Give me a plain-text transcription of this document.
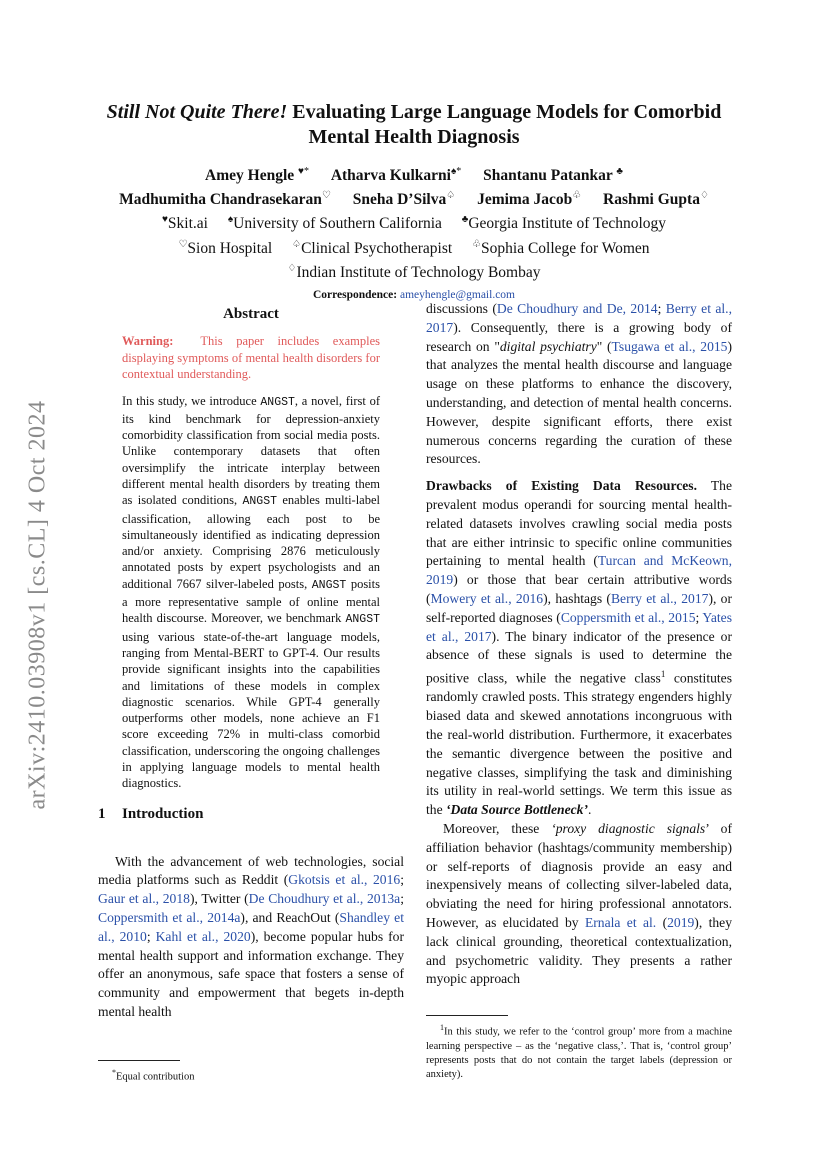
arXiv:2410.03908v1 [cs.CL] 4 Oct 2024
Still Not Quite There! Evaluating Large Language Models for Comorbid Mental Health Diagnosis
Amey Hengle ♥* Atharva Kulkarni♠* Shantanu Patankar ♣
Madhumitha Chandrasekaran♡ Sneha D’Silva♤ Jemima Jacob♧ Rashmi Gupta♢
♥Skit.ai ♠University of Southern California ♣Georgia Institute of Technology
♡Sion Hospital ♤Clinical Psychotherapist ♧Sophia College for Women
♢Indian Institute of Technology Bombay
Correspondence: ameyhengle@gmail.com
Abstract
Warning: This paper includes examples displaying symptoms of mental health disorders for contextual understanding.
In this study, we introduce ANGST, a novel, first of its kind benchmark for depression-anxiety comorbidity classification from social media posts. Unlike contemporary datasets that often oversimplify the intricate interplay between different mental health disorders by treating them as isolated conditions, ANGST enables multi-label classification, allowing each post to be simultaneously identified as indicating depression and/or anxiety. Comprising 2876 meticulously annotated posts by expert psychologists and an additional 7667 silver-labeled posts, ANGST posits a more representative sample of online mental health discourse. Moreover, we benchmark ANGST using various state-of-the-art language models, ranging from Mental-BERT to GPT-4. Our results provide significant insights into the capabilities and limitations of these models in complex diagnostic scenarios. While GPT-4 generally outperforms other models, none achieve an F1 score exceeding 72% in multi-class comorbid classification, underscoring the ongoing challenges in applying language models to mental health diagnostics.
1 Introduction

With the advancement of web technologies, social media platforms such as Reddit (Gkotsis et al., 2016; Gaur et al., 2018), Twitter (De Choudhury et al., 2013a; Coppersmith et al., 2014a), and ReachOut (Shandley et al., 2010; Kahl et al., 2020), become popular hubs for mental health support and information exchange. They offer an anonymous, safe space that fosters a sense of community and empowerment that begets in-depth mental health

discussions (De Choudhury and De, 2014; Berry et al., 2017). Consequently, there is a growing body of research on "digital psychiatry" (Tsugawa et al., 2015) that analyzes the mental health discourse and language usage on these platforms to enhance the discovery, understanding, and detection of mental health concerns. However, despite significant efforts, there exist numerous concerns regarding the curation of these resources.

Drawbacks of Existing Data Resources. The prevalent modus operandi for sourcing mental health-related datasets involves crawling social media posts that are either intrinsic to specific online communities pertaining to mental health (Turcan and McKeown, 2019) or those that bear certain attributive words (Mowery et al., 2016), hashtags (Berry et al., 2017), or self-reported diagnoses (Coppersmith et al., 2015; Yates et al., 2017). The binary indicator of the presence or absence of these signals is used to determine the positive class, while the negative class$^1$ constitutes randomly crawled posts. This strategy engenders highly biased data and skewed annotations incongruous with the real-world distribution. Furthermore, it exacerbates the semantic divergence between the positive and negative classes, simplifying the task and diminishing its utility in real-world settings. We term this issue as the ‘Data Source Bottleneck’.

Moreover, these ‘proxy diagnostic signals’ of affiliation behavior (hashtags/community membership) or self-reports of diagnosis provide an easy and inexpensively means of collecting silver-labeled data, obviating the need for hiring professional annotators. However, as elucidated by Ernala et al. (2019), they lack clinical grounding, theoretical contextualization, and psychometric validity. They presents a rather myopic approach

*Equal contribution
$^1$In this study, we refer to the ‘control group’ more from a machine learning perspective – as the ‘negative class,’. That is, ‘control group’ represents posts that do not contain the target labels (depression or anxiety).
